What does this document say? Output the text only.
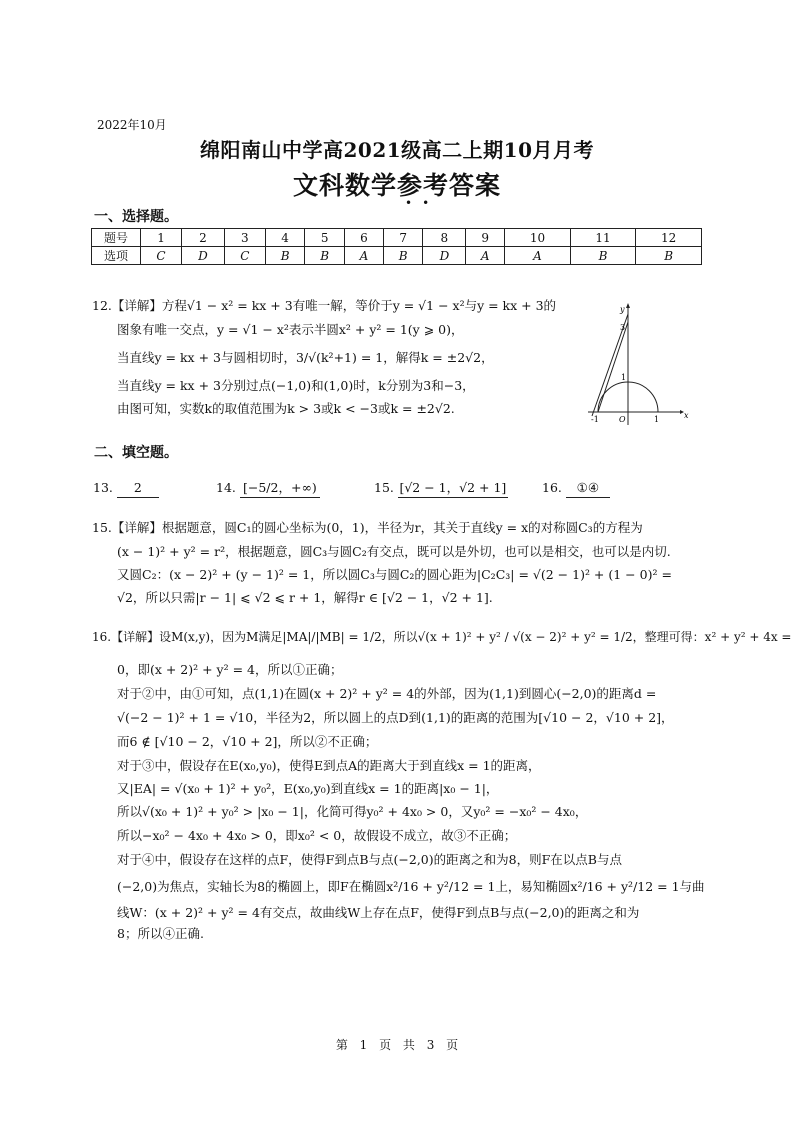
2022年10月
绵阳南山中学高2021级高二上期10月月考
文科数学参考答案
••
一、选择题。
题号	1	2	3	4	5	6	7	8	9	10	11	12
选项	C	D	C	B	B	A	B	D	A	A	B	B
12.【详解】方程√1 − x² = kx + 3有唯一解，等价于y = √1 − x²与y = kx + 3的
图象有唯一交点，y = √1 − x²表示半圆x² + y² = 1(y ⩾ 0)，
当直线y = kx + 3与圆相切时，3/√(k²+1) = 1，解得k = ±2√2，
当直线y = kx + 3分别过点(−1,0)和(1,0)时，k分别为3和−3，
由图可知，实数k的取值范围为k > 3或k < −3或k = ±2√2.
y
x
3
1
-1	O	1
二、填空题。
13. 2	14. [−5/2，+∞)	15. [√2 − 1，√2 + 1]	16. ①④
15.【详解】根据题意，圆C₁的圆心坐标为(0，1)，半径为r，其关于直线y = x的对称圆C₃的方程为
(x − 1)² + y² = r²，根据题意，圆C₃与圆C₂有交点，既可以是外切，也可以是相交，也可以是内切.
又圆C₂：(x − 2)² + (y − 1)² = 1，所以圆C₃与圆C₂的圆心距为|C₂C₃| = √(2 − 1)² + (1 − 0)² =
√2，所以只需|r − 1| ⩽ √2 ⩽ r + 1，解得r ∈ [√2 − 1，√2 + 1].
16.【详解】设M(x,y)，因为M满足|MA|/|MB| = 1/2，所以√(x + 1)² + y² / √(x − 2)² + y² = 1/2，整理可得：x² + y² + 4x =
0，即(x + 2)² + y² = 4，所以①正确；
对于②中，由①可知，点(1,1)在圆(x + 2)² + y² = 4的外部，因为(1,1)到圆心(−2,0)的距离d =
√(−2 − 1)² + 1 = √10，半径为2，所以圆上的点D到(1,1)的距离的范围为[√10 − 2，√10 + 2]，
而6 ∉ [√10 − 2，√10 + 2]，所以②不正确；
对于③中，假设存在E(x₀,y₀)，使得E到点A的距离大于到直线x = 1的距离，
又|EA| = √(x₀ + 1)² + y₀²，E(x₀,y₀)到直线x = 1的距离|x₀ − 1|，
所以√(x₀ + 1)² + y₀² > |x₀ − 1|，化简可得y₀² + 4x₀ > 0，又y₀² = −x₀² − 4x₀，
所以−x₀² − 4x₀ + 4x₀ > 0，即x₀² < 0，故假设不成立，故③不正确；
对于④中，假设存在这样的点F，使得F到点B与点(−2,0)的距离之和为8，则F在以点B与点
(−2,0)为焦点，实轴长为8的椭圆上，即F在椭圆x²/16 + y²/12 = 1上，易知椭圆x²/16 + y²/12 = 1与曲
线W：(x + 2)² + y² = 4有交点，故曲线W上存在点F，使得F到点B与点(−2,0)的距离之和为
8；所以④正确.
第 1 页 共 3 页
